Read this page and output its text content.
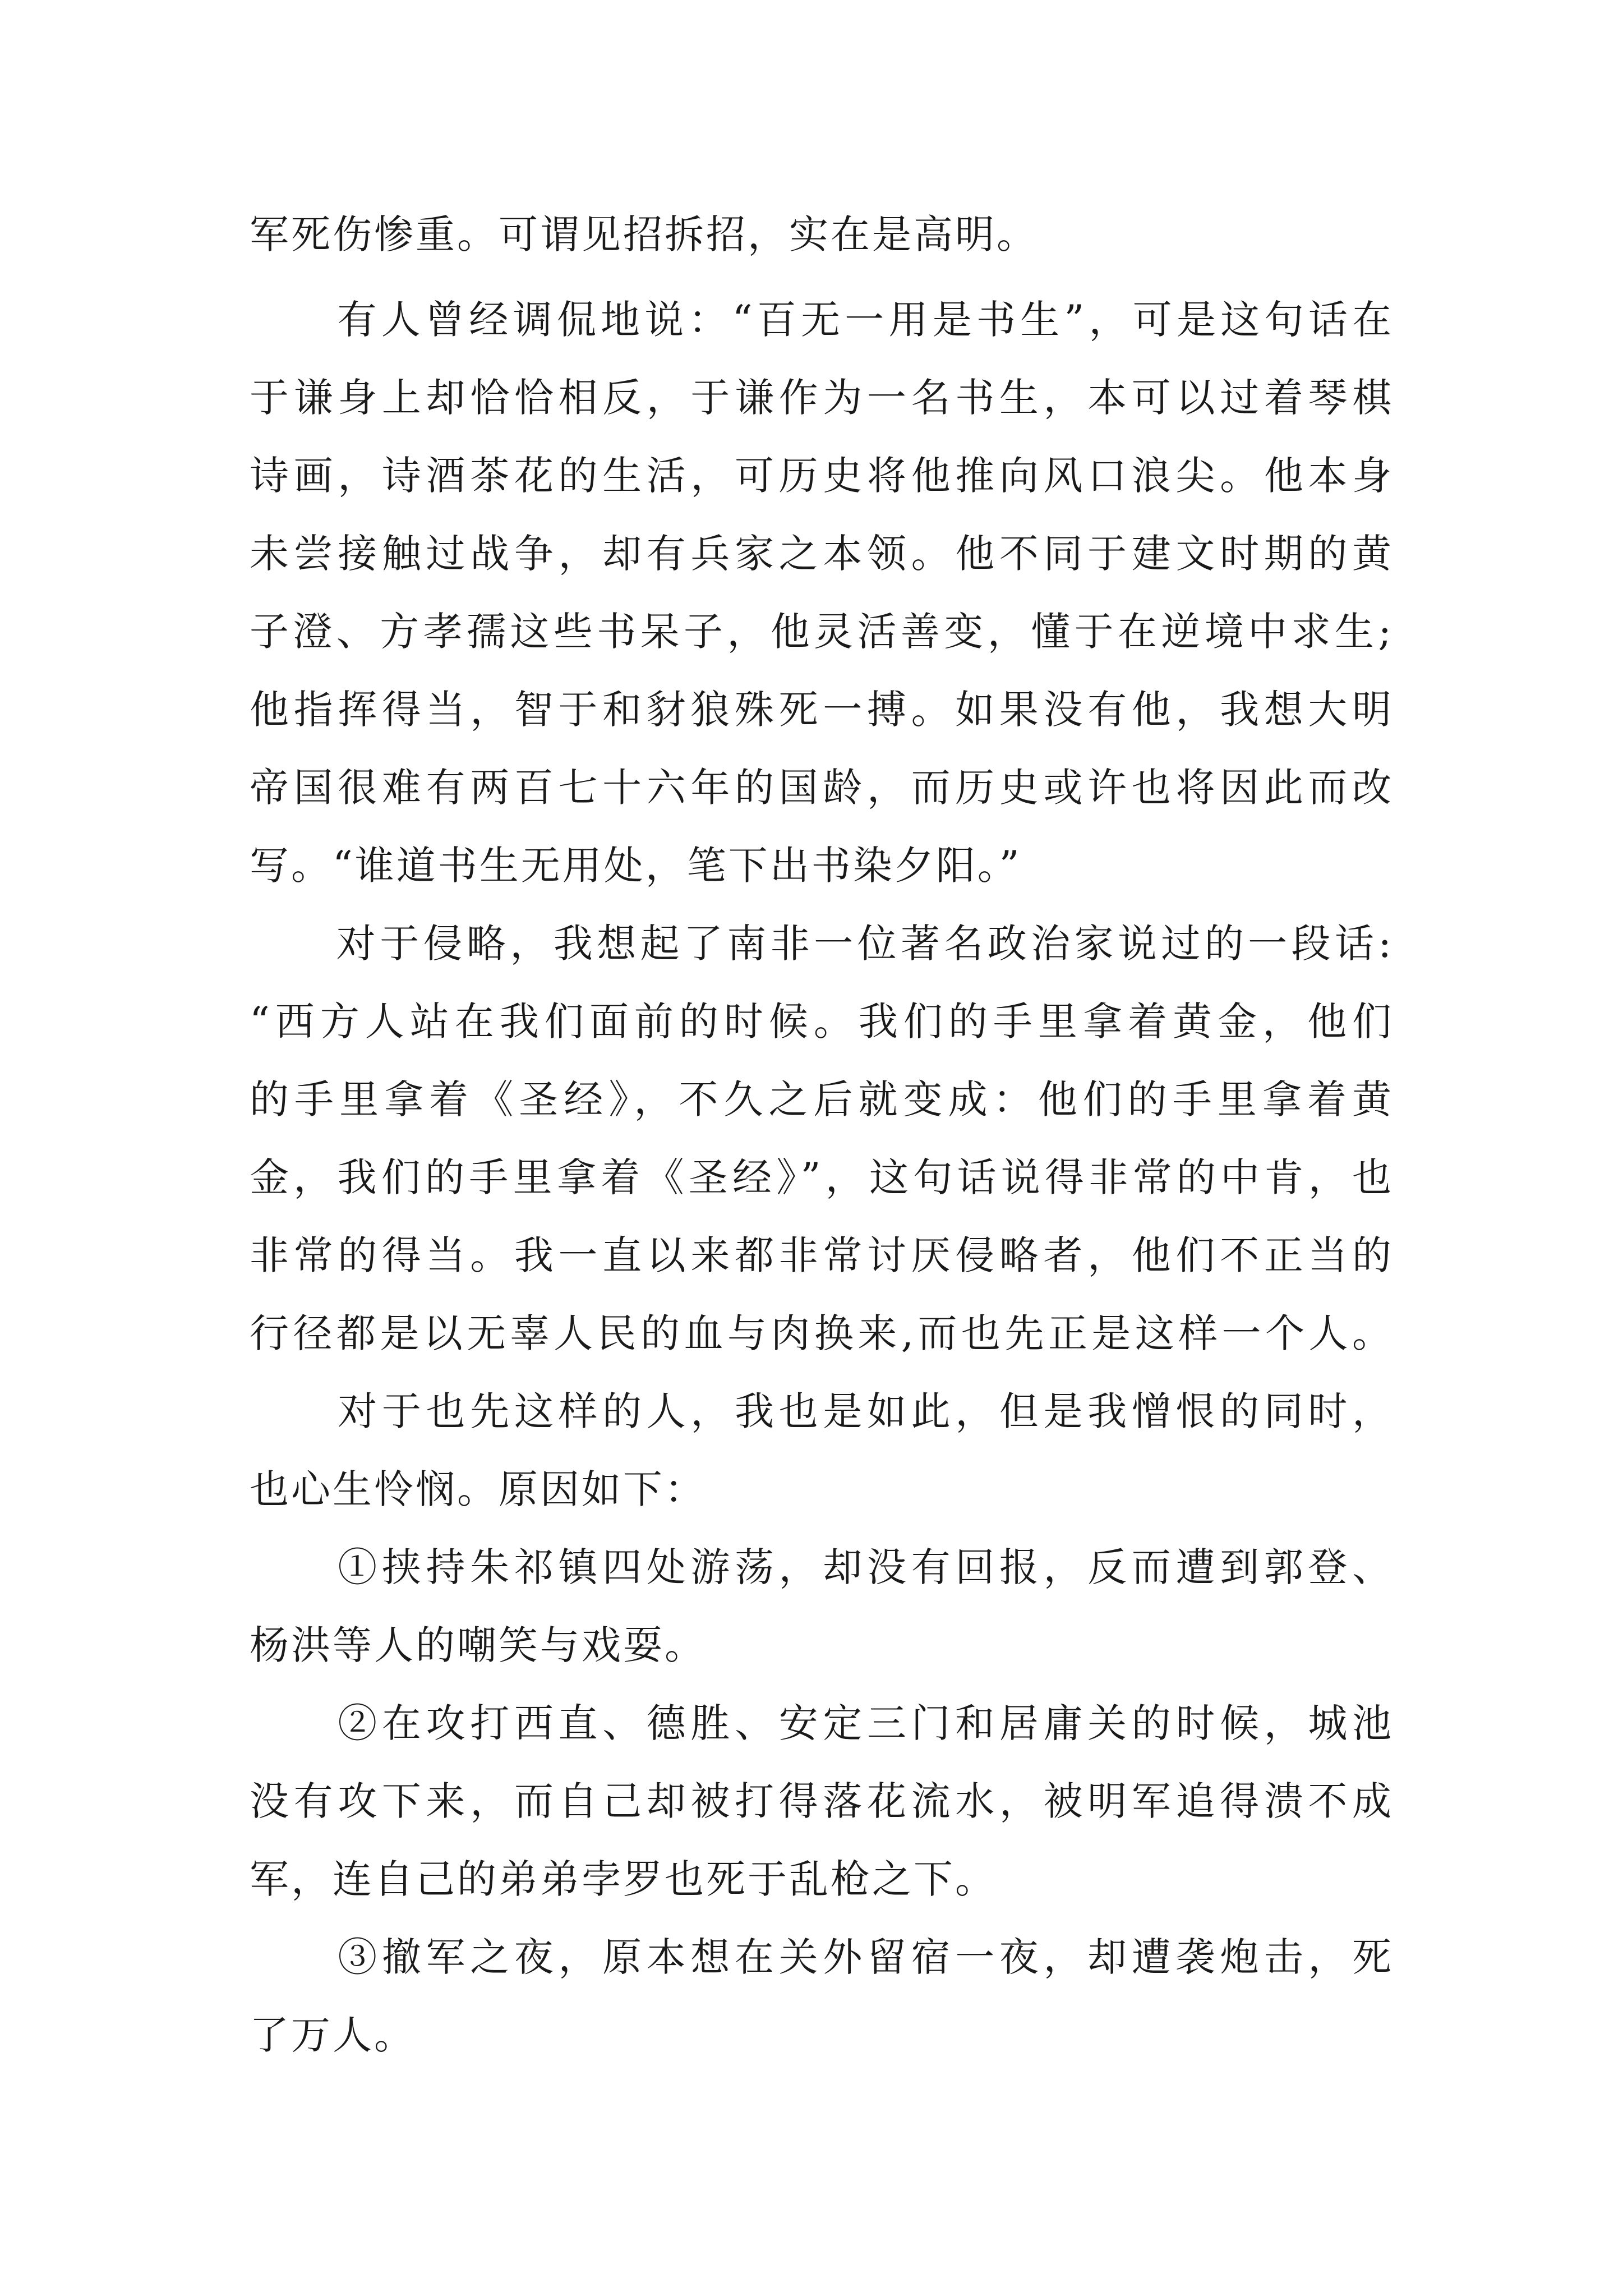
军死伤惨重。可谓见招拆招，实在是高明。
　　有人曾经调侃地说：“百无一用是书生”，可是这句话在
于谦身上却恰恰相反，于谦作为一名书生，本可以过着琴棋
诗画，诗酒茶花的生活，可历史将他推向风口浪尖。他本身
未尝接触过战争，却有兵家之本领。他不同于建文时期的黄
子澄、方孝孺这些书呆子，他灵活善变，懂于在逆境中求生;
他指挥得当，智于和豺狼殊死一搏。如果没有他，我想大明
帝国很难有两百七十六年的国龄，而历史或许也将因此而改
写。“谁道书生无用处，笔下出书染夕阳。”
　　对于侵略，我想起了南非一位著名政治家说过的一段话:
“西方人站在我们面前的时候。我们的手里拿着黄金，他们
的手里拿着《圣经》，不久之后就变成：他们的手里拿着黄
金，我们的手里拿着《圣经》”，这句话说得非常的中肯，也
非常的得当。我一直以来都非常讨厌侵略者，他们不正当的
行径都是以无辜人民的血与肉换来,而也先正是这样一个人。
　　对于也先这样的人，我也是如此，但是我憎恨的同时，
也心生怜悯。原因如下：
　　①挟持朱祁镇四处游荡，却没有回报，反而遭到郭登、
杨洪等人的嘲笑与戏耍。
　　②在攻打西直、德胜、安定三门和居庸关的时候，城池
没有攻下来，而自己却被打得落花流水，被明军追得溃不成
军，连自己的弟弟孛罗也死于乱枪之下。
　　③撤军之夜，原本想在关外留宿一夜，却遭袭炮击，死
了万人。
